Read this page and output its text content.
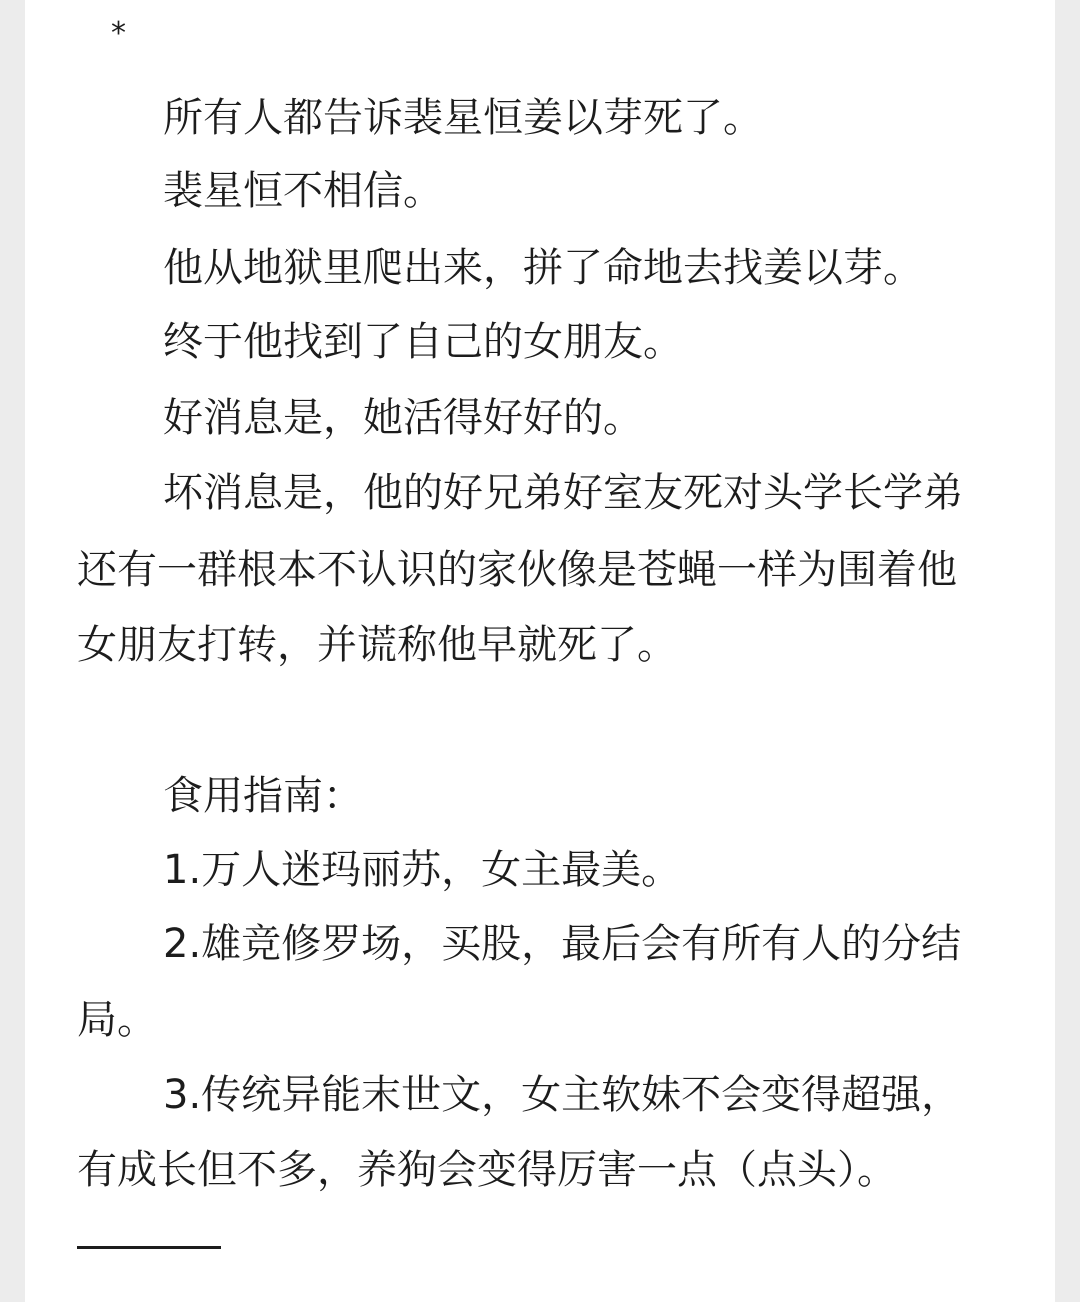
*
所有人都告诉裴星恒姜以芽死了。
裴星恒不相信。
他从地狱里爬出来，拼了命地去找姜以芽。
终于他找到了自己的女朋友。
好消息是，她活得好好的。
坏消息是，他的好兄弟好室友死对头学长学弟
还有一群根本不认识的家伙像是苍蝇一样为围着他
女朋友打转，并谎称他早就死了。
食用指南：
1.万人迷玛丽苏，女主最美。
2.雄竞修罗场，买股，最后会有所有人的分结
局。
3.传统异能末世文，女主软妹不会变得超强，
有成长但不多，养狗会变得厉害一点（点头）。
